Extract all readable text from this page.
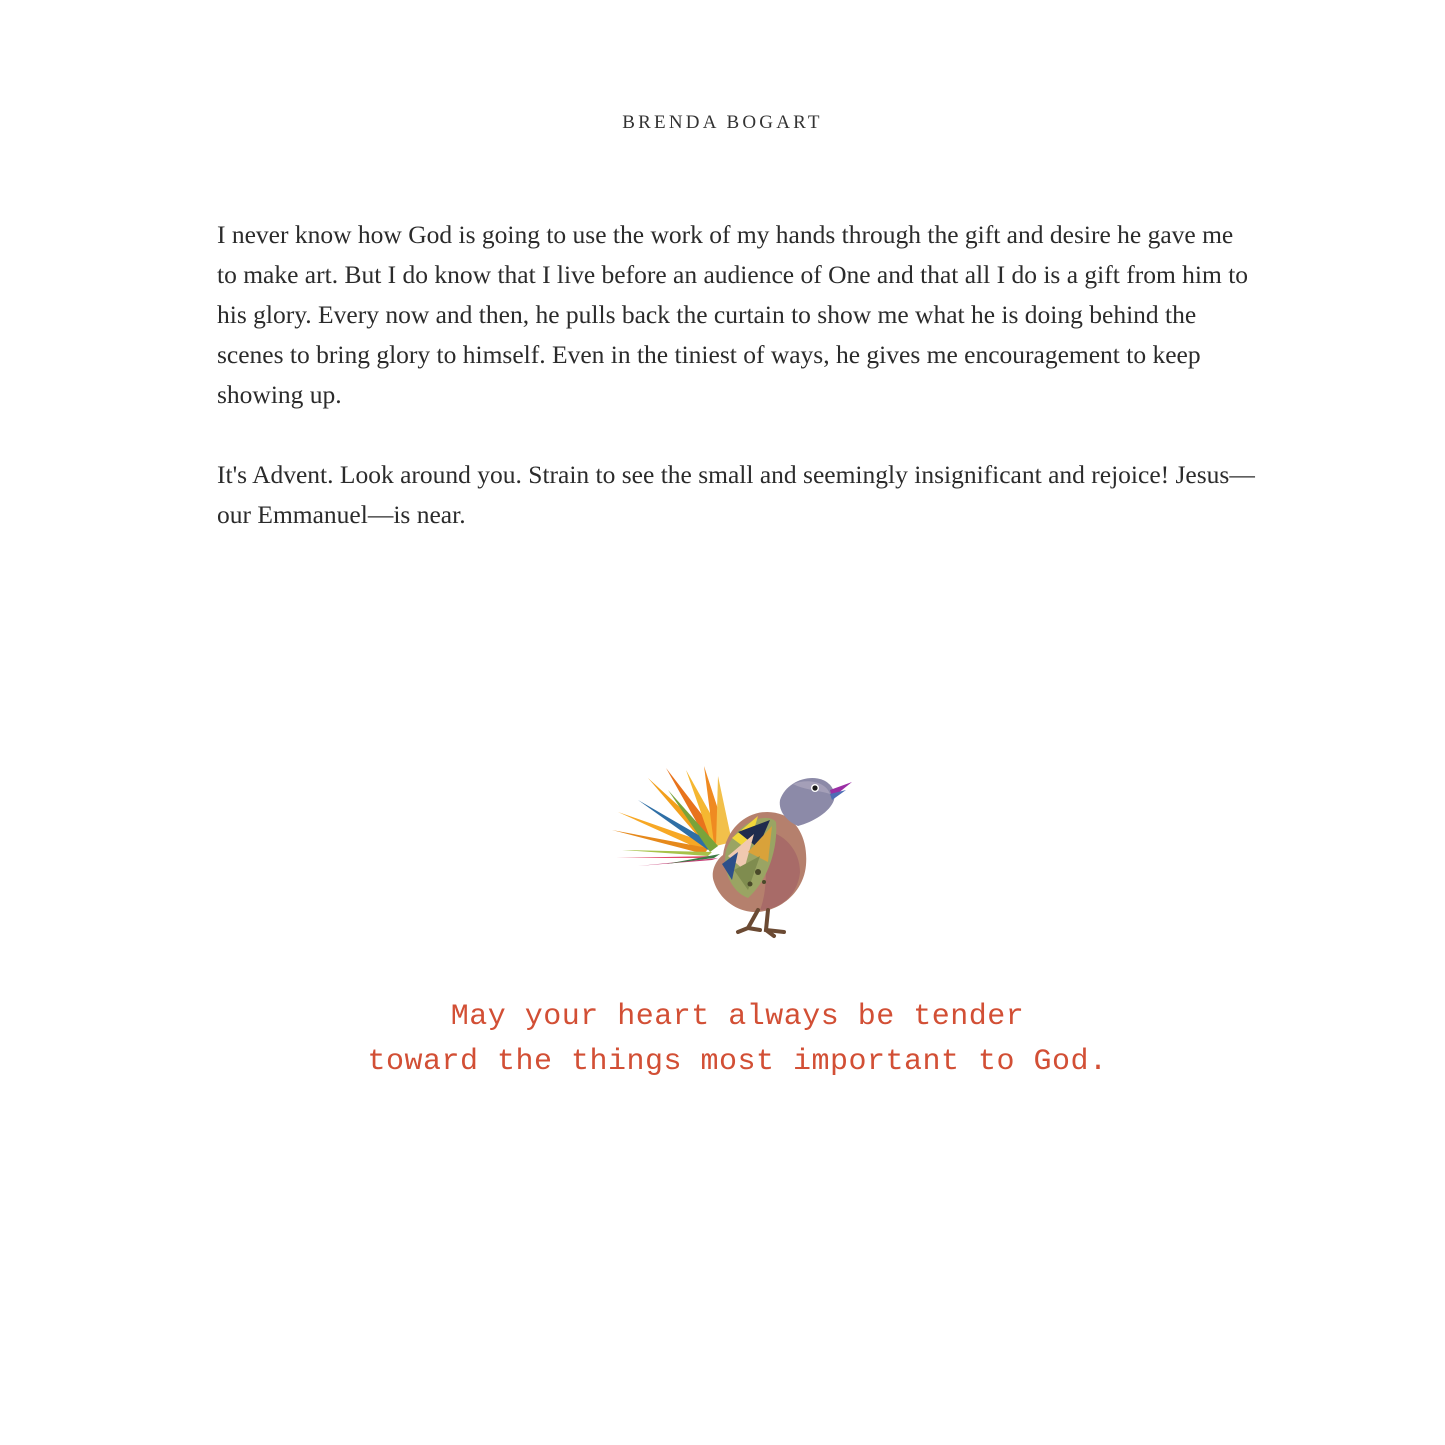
BRENDA BOGART

I never know how God is going to use the work of my hands through the gift and desire he gave me to make art. But I do know that I live before an audience of One and that all I do is a gift from him to his glory. Every now and then, he pulls back the curtain to show me what he is doing behind the scenes to bring glory to himself. Even in the tiniest of ways, he gives me encouragement to keep showing up.

It's Advent. Look around you. Strain to see the small and seemingly insignificant and rejoice! Jesus—our Emmanuel—is near.

May your heart always be tender
toward the things most important to God.
